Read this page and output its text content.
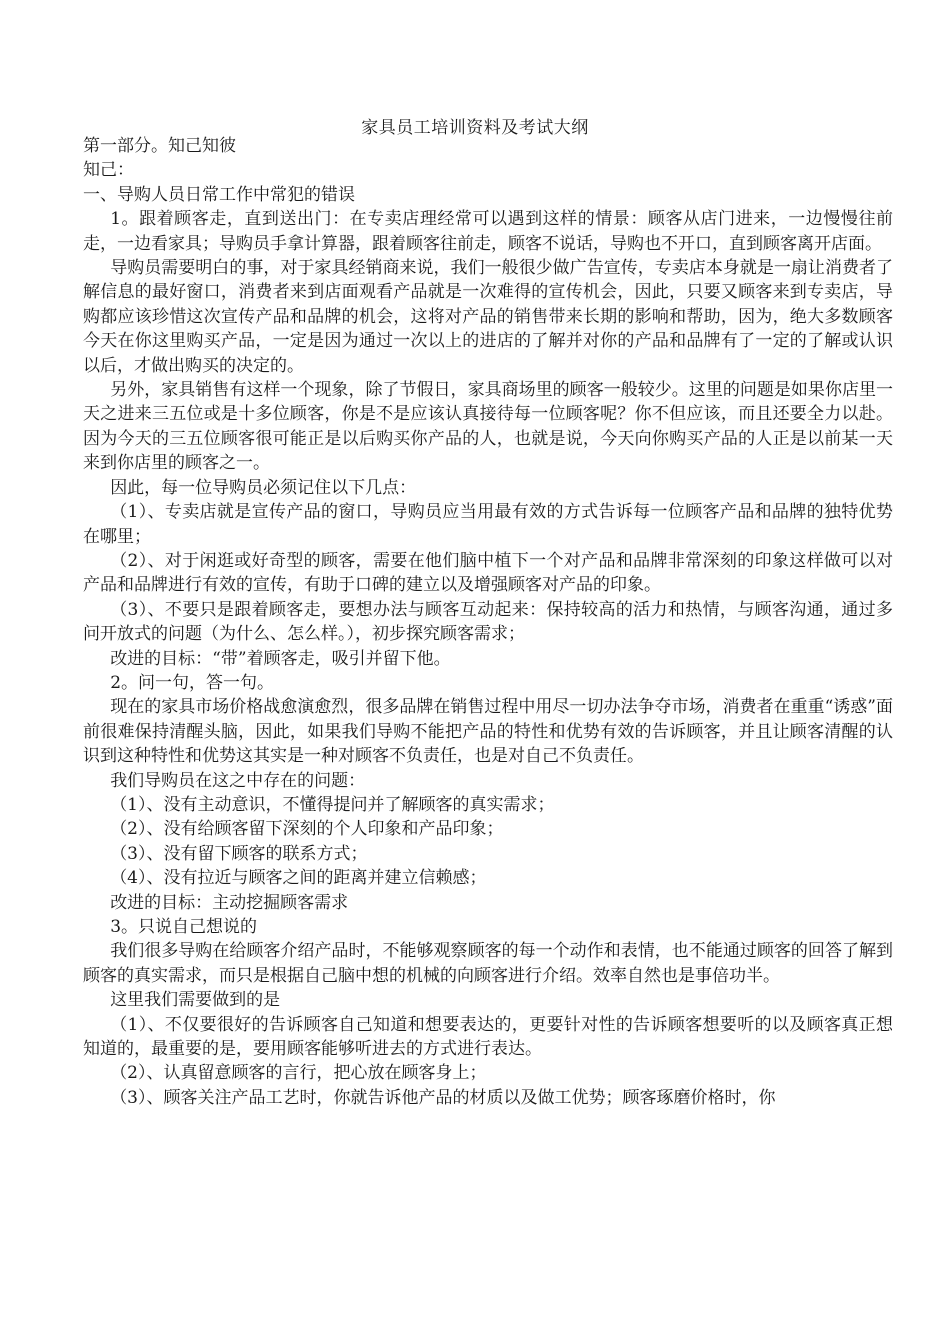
家具员工培训资料及考试大纲

第一部分。知己知彼

知己：

一、导购人员日常工作中常犯的错误

1。跟着顾客走，直到送出门：在专卖店理经常可以遇到这样的情景：顾客从店门进来，一边慢慢往前走，一边看家具；导购员手拿计算器，跟着顾客往前走，顾客不说话，导购也不开口，直到顾客离开店面。

导购员需要明白的事，对于家具经销商来说，我们一般很少做广告宣传，专卖店本身就是一扇让消费者了解信息的最好窗口，消费者来到店面观看产品就是一次难得的宣传机会，因此，只要又顾客来到专卖店，导购都应该珍惜这次宣传产品和品牌的机会，这将对产品的销售带来长期的影响和帮助，因为，绝大多数顾客今天在你这里购买产品，一定是因为通过一次以上的进店的了解并对你的产品和品牌有了一定的了解或认识以后，才做出购买的决定的。

另外，家具销售有这样一个现象，除了节假日，家具商场里的顾客一般较少。这里的问题是如果你店里一天之进来三五位或是十多位顾客，你是不是应该认真接待每一位顾客呢？你不但应该，而且还要全力以赴。因为今天的三五位顾客很可能正是以后购买你产品的人，也就是说，今天向你购买产品的人正是以前某一天来到你店里的顾客之一。

因此，每一位导购员必须记住以下几点：

（1）、专卖店就是宣传产品的窗口，导购员应当用最有效的方式告诉每一位顾客产品和品牌的独特优势在哪里；

（2）、对于闲逛或好奇型的顾客，需要在他们脑中植下一个对产品和品牌非常深刻的印象这样做可以对产品和品牌进行有效的宣传，有助于口碑的建立以及增强顾客对产品的印象。

（3）、不要只是跟着顾客走，要想办法与顾客互动起来：保持较高的活力和热情，与顾客沟通，通过多问开放式的问题（为什么、怎么样。），初步探究顾客需求；

改进的目标：“带”着顾客走，吸引并留下他。

2。问一句，答一句。

现在的家具市场价格战愈演愈烈，很多品牌在销售过程中用尽一切办法争夺市场，消费者在重重“诱惑”面前很难保持清醒头脑，因此，如果我们导购不能把产品的特性和优势有效的告诉顾客，并且让顾客清醒的认识到这种特性和优势这其实是一种对顾客不负责任，也是对自己不负责任。

我们导购员在这之中存在的问题：

（1）、没有主动意识，不懂得提问并了解顾客的真实需求；

（2）、没有给顾客留下深刻的个人印象和产品印象；

（3）、没有留下顾客的联系方式；

（4）、没有拉近与顾客之间的距离并建立信赖感；

改进的目标：主动挖掘顾客需求

3。只说自己想说的

我们很多导购在给顾客介绍产品时，不能够观察顾客的每一个动作和表情，也不能通过顾客的回答了解到顾客的真实需求，而只是根据自己脑中想的机械的向顾客进行介绍。效率自然也是事倍功半。

这里我们需要做到的是

（1）、不仅要很好的告诉顾客自己知道和想要表达的，更要针对性的告诉顾客想要听的以及顾客真正想知道的，最重要的是，要用顾客能够听进去的方式进行表达。

（2）、认真留意顾客的言行，把心放在顾客身上；

（3）、顾客关注产品工艺时，你就告诉他产品的材质以及做工优势；顾客琢磨价格时，你
